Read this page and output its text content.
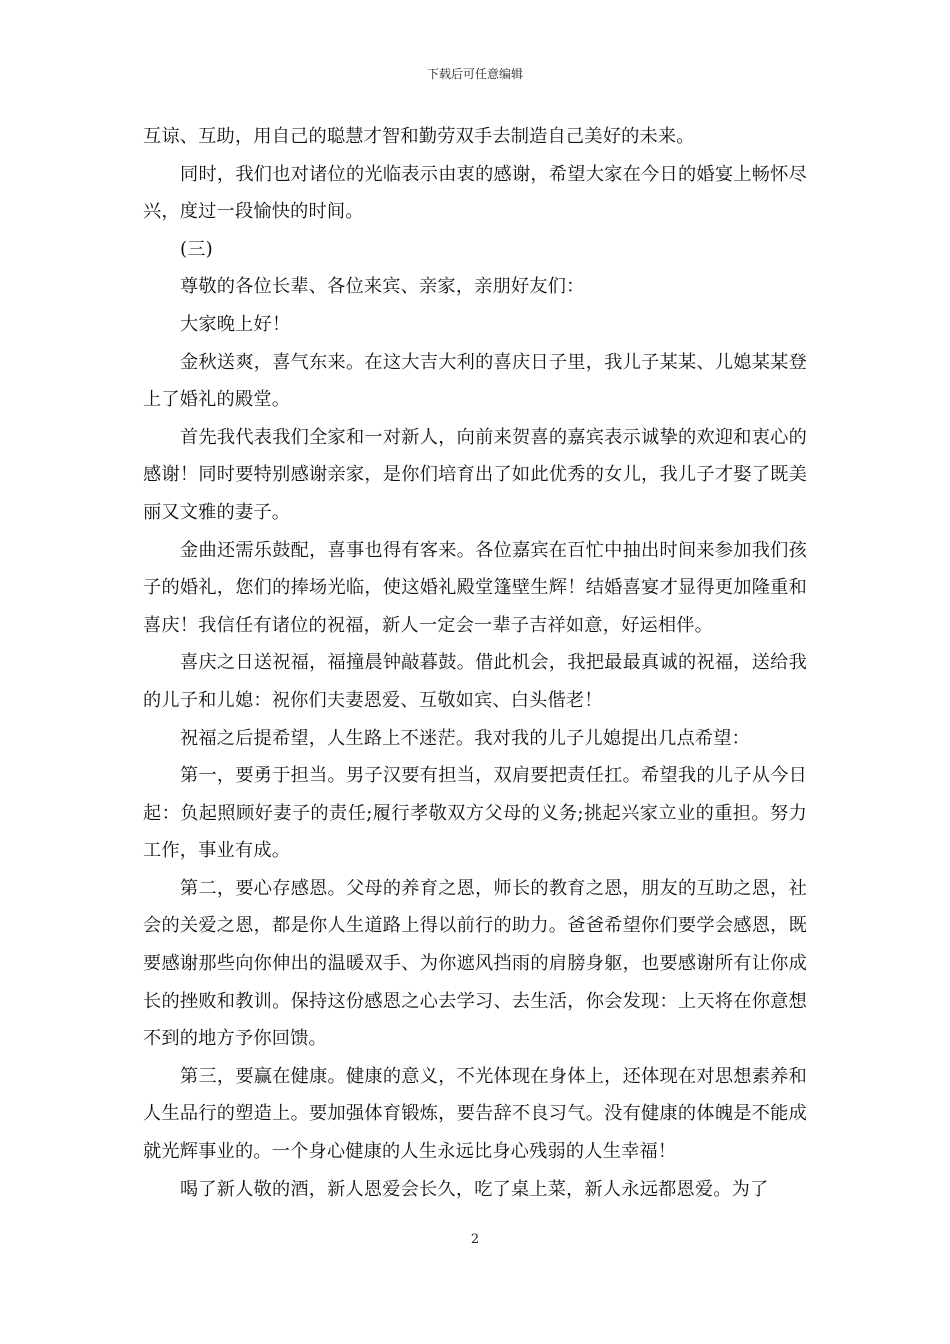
下载后可任意编辑

互谅、互助，用自己的聪慧才智和勤劳双手去制造自己美好的未来。

同时，我们也对诸位的光临表示由衷的感谢，希望大家在今日的婚宴上畅怀尽兴，度过一段愉快的时间。

(三)

尊敬的各位长辈、各位来宾、亲家，亲朋好友们：

大家晚上好！

金秋送爽，喜气东来。在这大吉大利的喜庆日子里，我儿子某某、儿媳某某登上了婚礼的殿堂。

首先我代表我们全家和一对新人，向前来贺喜的嘉宾表示诚挚的欢迎和衷心的感谢！同时要特别感谢亲家，是你们培育出了如此优秀的女儿，我儿子才娶了既美丽又文雅的妻子。

金曲还需乐鼓配，喜事也得有客来。各位嘉宾在百忙中抽出时间来参加我们孩子的婚礼，您们的捧场光临，使这婚礼殿堂篷壁生辉！结婚喜宴才显得更加隆重和喜庆！我信任有诸位的祝福，新人一定会一辈子吉祥如意，好运相伴。

喜庆之日送祝福，福撞晨钟敲暮鼓。借此机会，我把最最真诚的祝福，送给我的儿子和儿媳：祝你们夫妻恩爱、互敬如宾、白头偕老！

祝福之后提希望，人生路上不迷茫。我对我的儿子儿媳提出几点希望：

第一，要勇于担当。男子汉要有担当，双肩要把责任扛。希望我的儿子从今日起：负起照顾好妻子的责任;履行孝敬双方父母的义务;挑起兴家立业的重担。努力工作，事业有成。

第二，要心存感恩。父母的养育之恩，师长的教育之恩，朋友的互助之恩，社会的关爱之恩，都是你人生道路上得以前行的助力。爸爸希望你们要学会感恩，既要感谢那些向你伸出的温暖双手、为你遮风挡雨的肩膀身躯，也要感谢所有让你成长的挫败和教训。保持这份感恩之心去学习、去生活，你会发现：上天将在你意想不到的地方予你回馈。

第三，要赢在健康。健康的意义，不光体现在身体上，还体现在对思想素养和人生品行的塑造上。要加强体育锻炼，要告辞不良习气。没有健康的体魄是不能成就光辉事业的。一个身心健康的人生永远比身心残弱的人生幸福！

喝了新人敬的酒，新人恩爱会长久，吃了桌上菜，新人永远都恩爱。为了

2
